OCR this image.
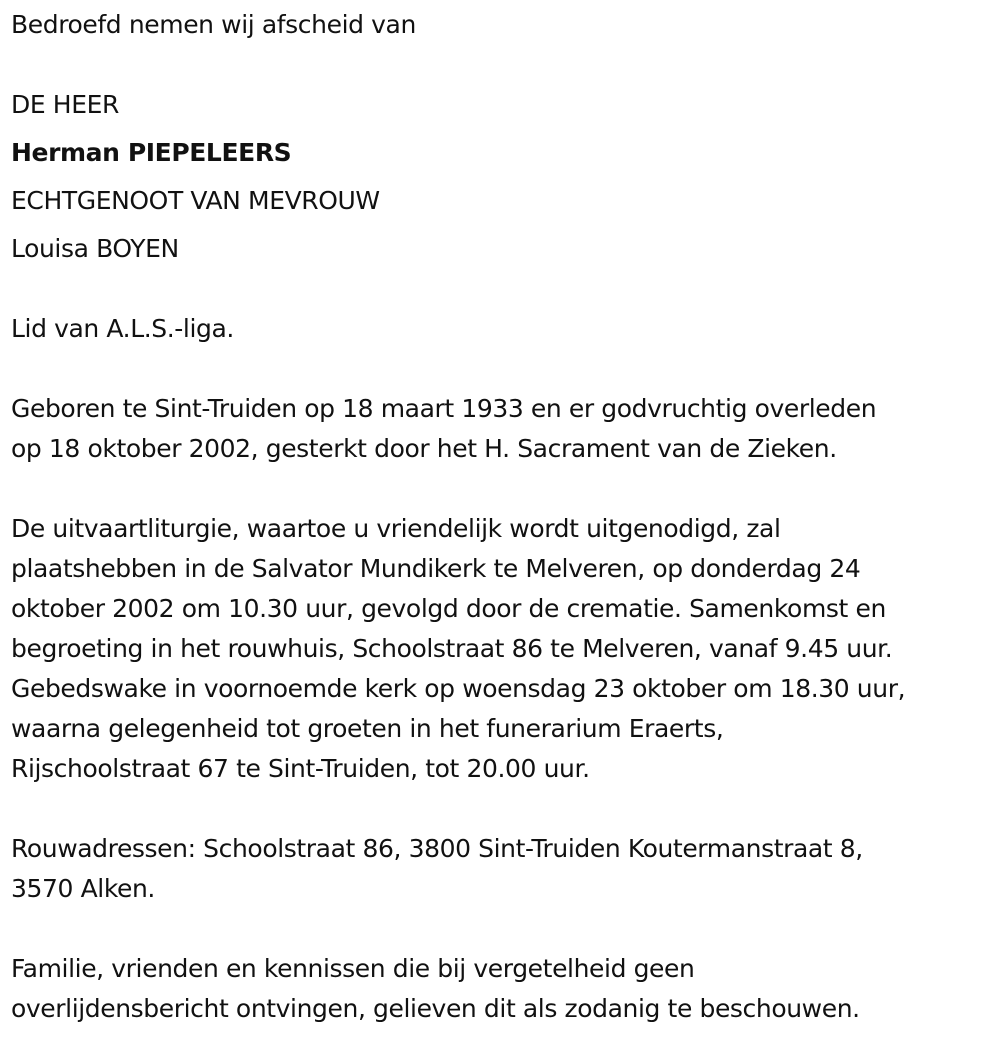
Bedroefd nemen wij afscheid van
DE HEER
Herman PIEPELEERS
ECHTGENOOT VAN MEVROUW
Louisa BOYEN
Lid van A.L.S.-liga.
Geboren te Sint-Truiden op 18 maart 1933 en er godvruchtig overleden
op 18 oktober 2002, gesterkt door het H. Sacrament van de Zieken.
De uitvaartliturgie, waartoe u vriendelijk wordt uitgenodigd, zal
plaatshebben in de Salvator Mundikerk te Melveren, op donderdag 24
oktober 2002 om 10.30 uur, gevolgd door de crematie. Samenkomst en
begroeting in het rouwhuis, Schoolstraat 86 te Melveren, vanaf 9.45 uur.
Gebedswake in voornoemde kerk op woensdag 23 oktober om 18.30 uur,
waarna gelegenheid tot groeten in het funerarium Eraerts,
Rijschoolstraat 67 te Sint-Truiden, tot 20.00 uur.
Rouwadressen: Schoolstraat 86, 3800 Sint-Truiden Koutermanstraat 8,
3570 Alken.
Familie, vrienden en kennissen die bij vergetelheid geen
overlijdensbericht ontvingen, gelieven dit als zodanig te beschouwen.
